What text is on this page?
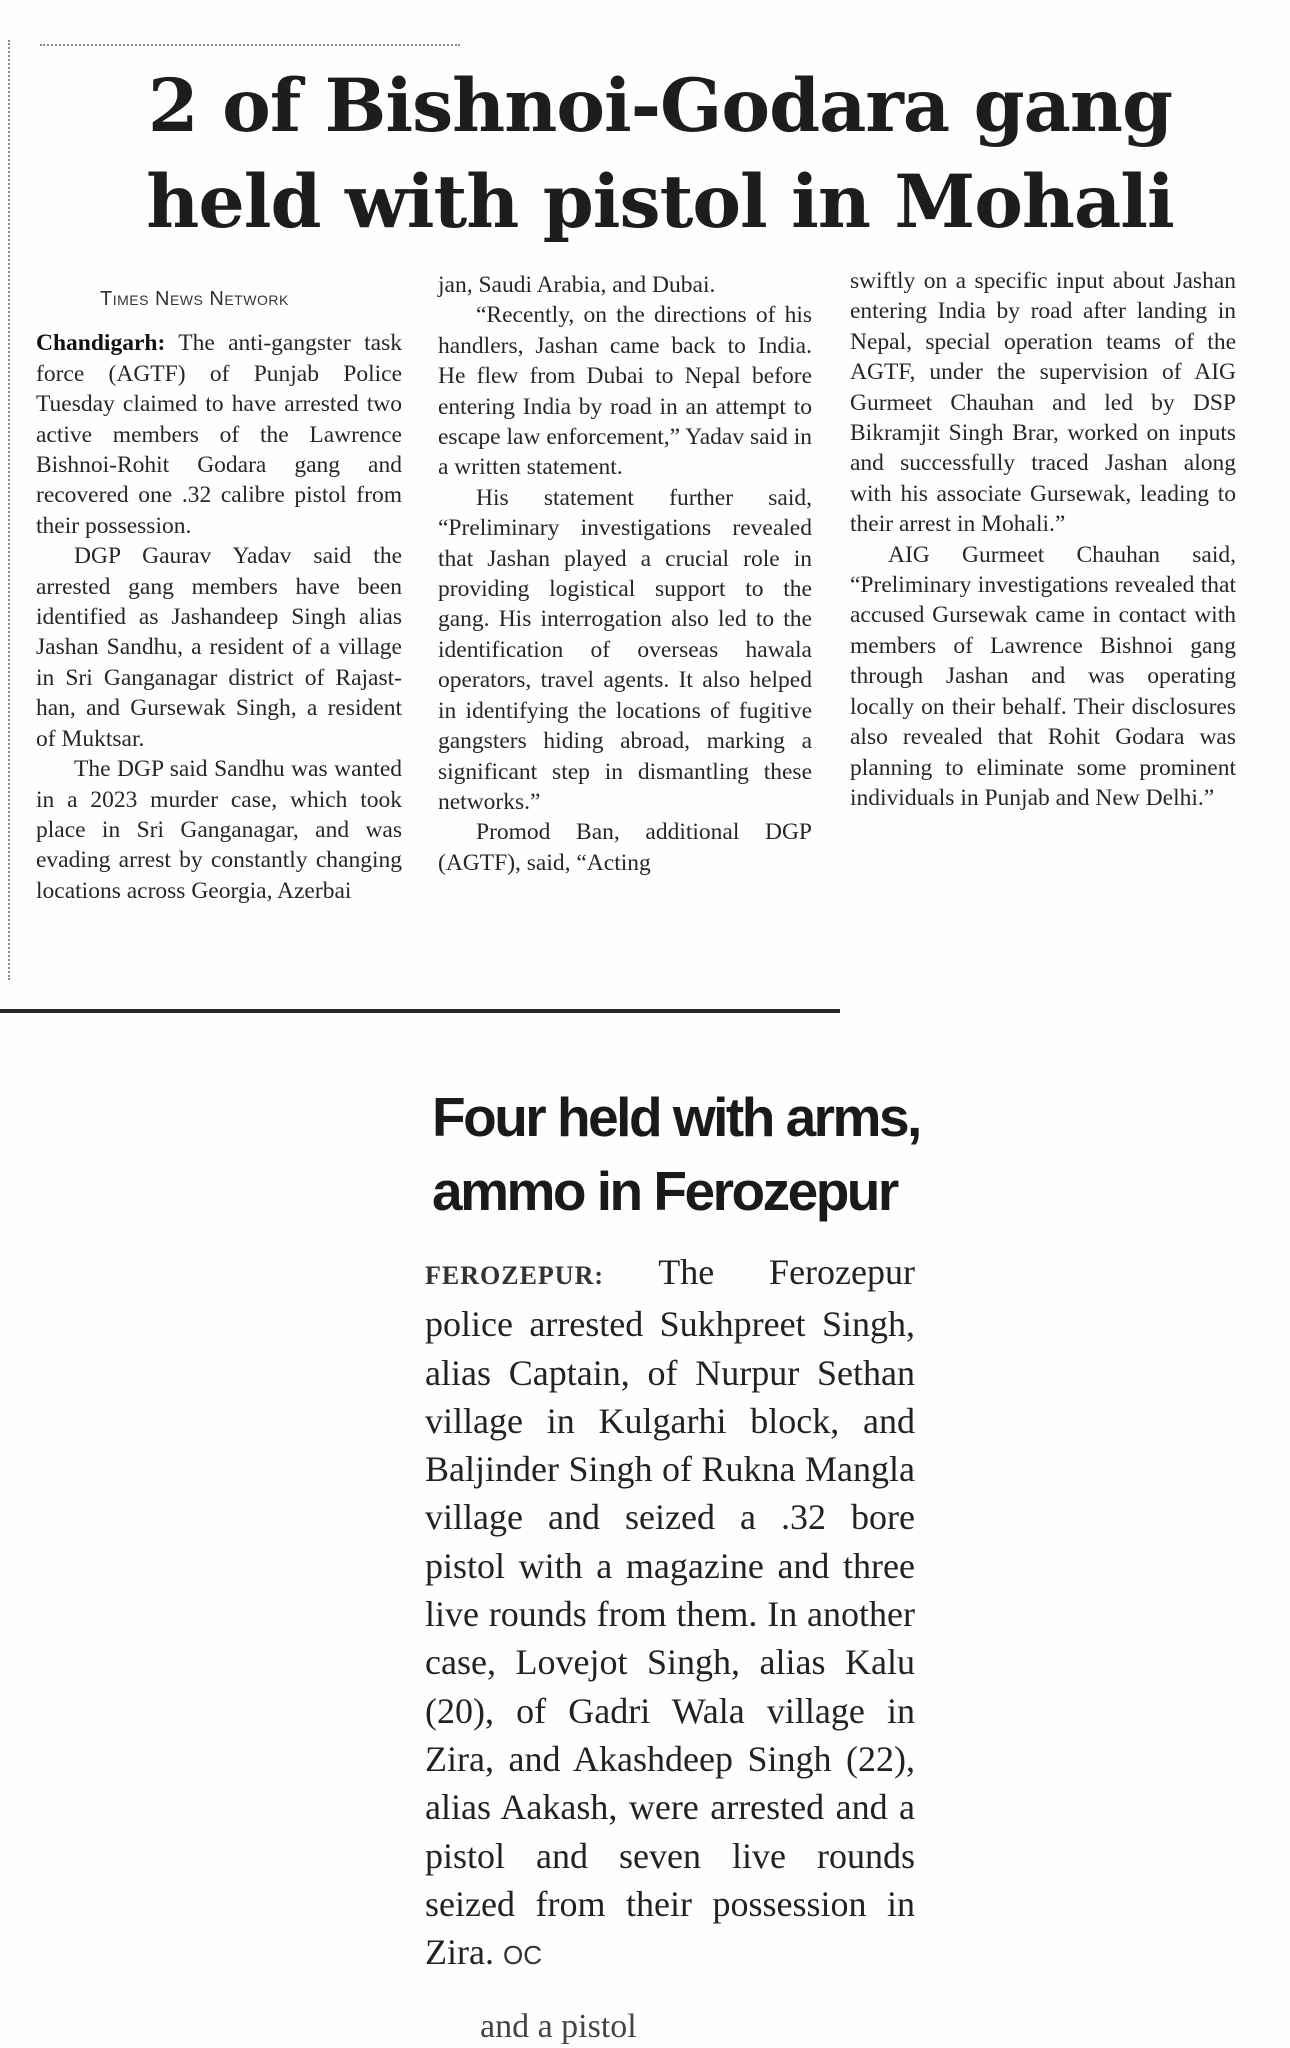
2 of Bishnoi-Godara gang
held with pistol in Mohali
Times News Network

Chandigarh: The anti-gangster task force (AGTF) of Punjab Police Tuesday claimed to have arrested two active members of the Lawrence Bishnoi-Rohit Godara gang and recovered one .32 calibre pistol from their possession.

DGP Gaurav Yadav said the arrested gang members have been identified as Jashandeep Singh alias Jashan Sandhu, a resident of a village in Sri Ganganagar district of Rajasthan, and Gursewak Singh, a resident of Muktsar.

The DGP said Sandhu was wanted in a 2023 murder case, which took place in Sri Ganganagar, and was evading arrest by constantly changing locations across Georgia, Azerbai

jan, Saudi Arabia, and Dubai.

“Recently, on the directions of his handlers, Jashan came back to India. He flew from Dubai to Nepal before entering India by road in an attempt to escape law enforcement,” Yadav said in a written statement.

His statement further said, “Preliminary investigations revealed that Jashan played a crucial role in providing logistical support to the gang. His interrogation also led to the identification of overseas hawala operators, travel agents. It also helped in identifying the locations of fugitive gangsters hiding abroad, marking a significant step in dismantling these networks.”

Promod Ban, additional DGP (AGTF), said, “Acting

swiftly on a specific input about Jashan entering India by road after landing in Nepal, special operation teams of the AGTF, under the supervision of AIG Gurmeet Chauhan and led by DSP Bikramjit Singh Brar, worked on inputs and successfully traced Jashan along with his associate Gursewak, leading to their arrest in Mohali.”

AIG Gurmeet Chauhan said, “Preliminary investigations revealed that accused Gursewak came in contact with members of Lawrence Bishnoi gang through Jashan and was operating locally on their behalf. Their disclosures also revealed that Rohit Godara was planning to eliminate some prominent individuals in Punjab and New Delhi.”

Four held with arms,
ammo in Ferozepur

FEROZEPUR: The Ferozepur police arrested Sukhpreet Singh, alias Captain, of Nurpur Sethan village in Kulgarhi block, and Baljinder Singh of Rukna Mangla village and seized a .32 bore pistol with a magazine and three live rounds from them. In another case, Lovejot Singh, alias Kalu (20), of Gadri Wala village in Zira, and Akashdeep Singh (22), alias Aakash, were arrested and a pistol and seven live rounds seized from their possession in Zira. OC

and a pistol
